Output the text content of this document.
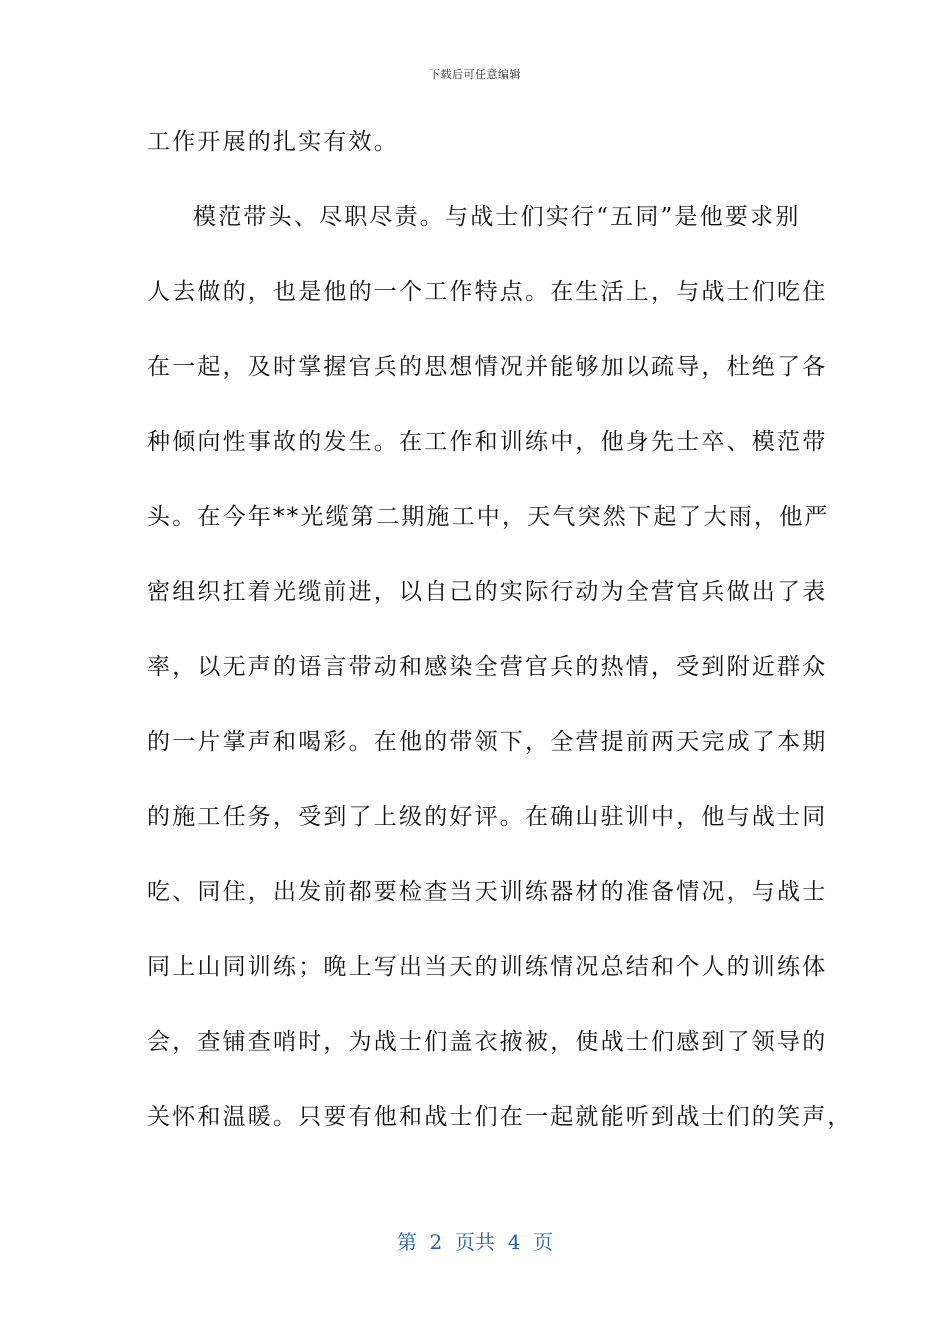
下载后可任意编辑
工作开展的扎实有效。
模范带头、尽职尽责。与战士们实行“五同”是他要求别
人去做的，也是他的一个工作特点。在生活上，与战士们吃住
在一起，及时掌握官兵的思想情况并能够加以疏导，杜绝了各
种倾向性事故的发生。在工作和训练中，他身先士卒、模范带
头。在今年**光缆第二期施工中，天气突然下起了大雨，他严
密组织扛着光缆前进，以自己的实际行动为全营官兵做出了表
率，以无声的语言带动和感染全营官兵的热情，受到附近群众
的一片掌声和喝彩。在他的带领下，全营提前两天完成了本期
的施工任务，受到了上级的好评。在确山驻训中，他与战士同
吃、同住，出发前都要检查当天训练器材的准备情况，与战士
同上山同训练；晚上写出当天的训练情况总结和个人的训练体
会，查铺查哨时，为战士们盖衣掖被，使战士们感到了领导的
关怀和温暖。只要有他和战士们在一起就能听到战士们的笑声，
第  2  页共  4  页
